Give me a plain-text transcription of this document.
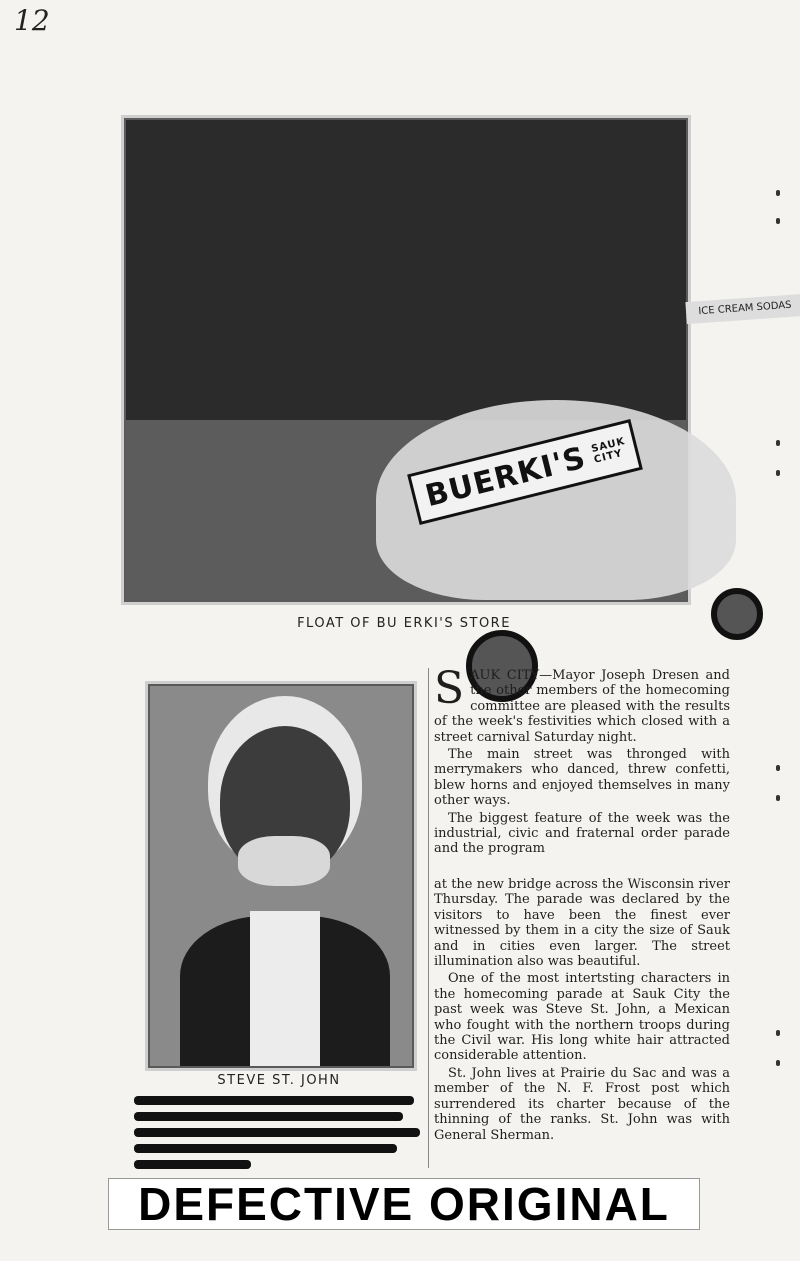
12
ICE CREAM SODAS
BUERKI'S SAUK CITY
FLOAT OF BU ERKI'S STORE
STEVE ST. JOHN

SAUK CITY—Mayor Joseph Dresen and the other members of the homecoming committee are pleased with the results of the week's festivities which closed with a street carnival Saturday night.

The main street was thronged with merrymakers who danced, threw confetti, blew horns and enjoyed themselves in many other ways.

The biggest feature of the week was the industrial, civic and fraternal order parade and the program

at the new bridge across the Wisconsin river Thursday. The parade was declared by the visitors to have been the finest ever witnessed by them in a city the size of Sauk and in cities even larger. The street illumination also was beautiful.

One of the most intertsting characters in the homecoming parade at Sauk City the past week was Steve St. John, a Mexican who fought with the northern troops during the Civil war. His long white hair attracted considerable attention.

St. John lives at Prairie du Sac and was a member of the N. F. Frost post which surrendered its charter because of the thinning of the ranks. St. John was with General Sherman.

DEFECTIVE ORIGINAL
